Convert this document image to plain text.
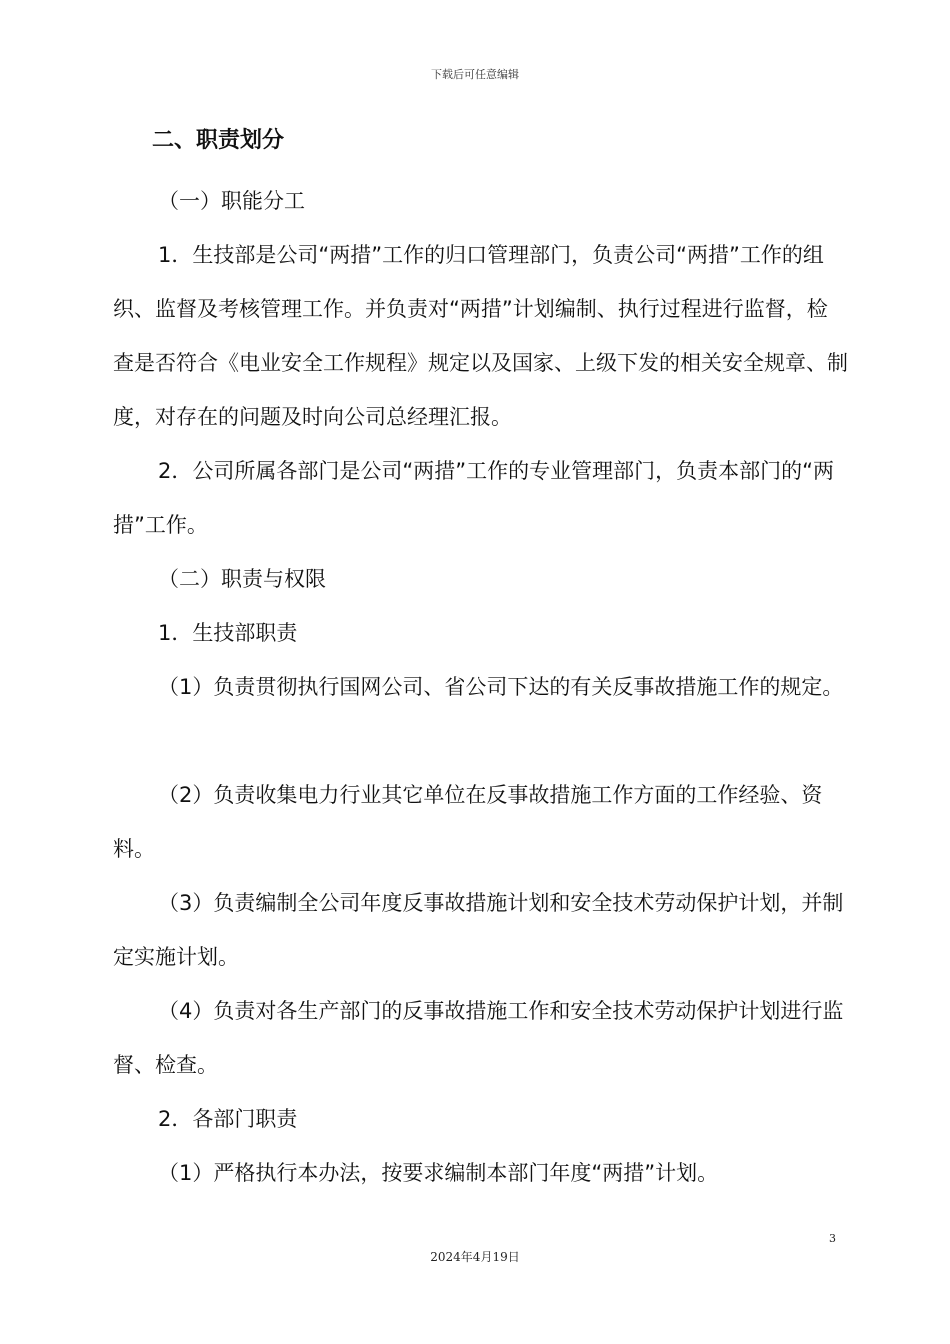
下载后可任意编辑
二、职责划分

（一）职能分工

1．生技部是公司“两措”工作的归口管理部门，负责公司“两措”工作的组织、监督及考核管理工作。并负责对“两措”计划编制、执行过程进行监督，检查是否符合《电业安全工作规程》规定以及国家、上级下发的相关安全规章、制度，对存在的问题及时向公司总经理汇报。

2．公司所属各部门是公司“两措”工作的专业管理部门，负责本部门的“两措”工作。

（二）职责与权限

1．生技部职责

（1）负责贯彻执行国网公司、省公司下达的有关反事故措施工作的规定。

（2）负责收集电力行业其它单位在反事故措施工作方面的工作经验、资料。

（3）负责编制全公司年度反事故措施计划和安全技术劳动保护计划，并制定实施计划。

（4）负责对各生产部门的反事故措施工作和安全技术劳动保护计划进行监督、检查。

2．各部门职责

（1）严格执行本办法，按要求编制本部门年度“两措”计划。

3
2024年4月19日
